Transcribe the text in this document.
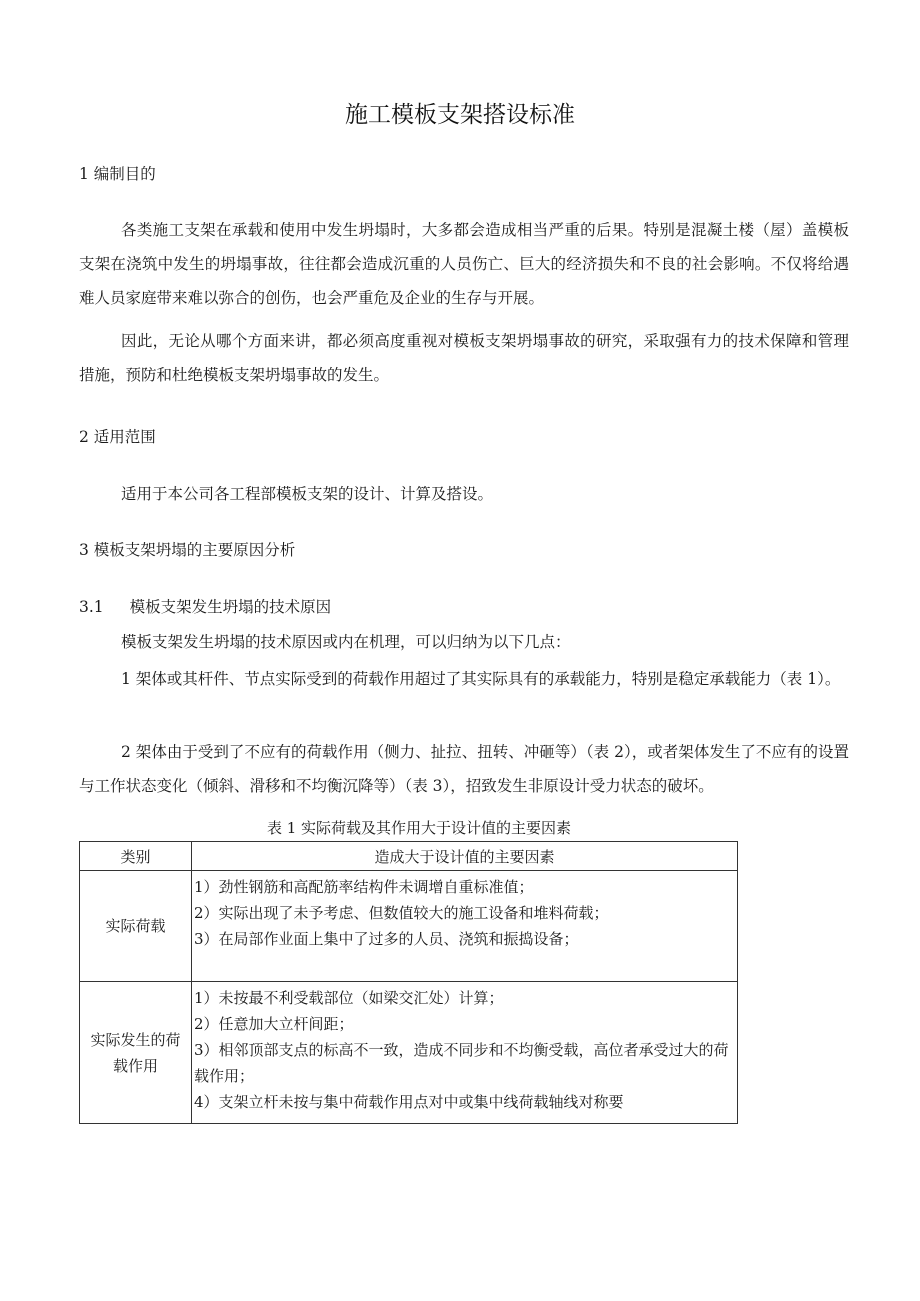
施工模板支架搭设标准
1 编制目的
各类施工支架在承载和使用中发生坍塌时，大多都会造成相当严重的后果。特别是混凝土楼（屋）盖模板支架在浇筑中发生的坍塌事故，往往都会造成沉重的人员伤亡、巨大的经济损失和不良的社会影响。不仅将给遇难人员家庭带来难以弥合的创伤，也会严重危及企业的生存与开展。
因此，无论从哪个方面来讲，都必须高度重视对模板支架坍塌事故的研究，采取强有力的技术保障和管理措施，预防和杜绝模板支架坍塌事故的发生。
2 适用范围
适用于本公司各工程部模板支架的设计、计算及搭设。
3 模板支架坍塌的主要原因分析
3.1 模板支架发生坍塌的技术原因
模板支架发生坍塌的技术原因或内在机理，可以归纳为以下几点：
1 架体或其杆件、节点实际受到的荷载作用超过了其实际具有的承载能力，特别是稳定承载能力（表 1）。
2 架体由于受到了不应有的荷载作用（侧力、扯拉、扭转、冲砸等）（表 2），或者架体发生了不应有的设置与工作状态变化（倾斜、滑移和不均衡沉降等）（表 3），招致发生非原设计受力状态的破坏。
表 1 实际荷载及其作用大于设计值的主要因素
类别	造成大于设计值的主要因素
实际荷载	1）劲性钢筋和高配筋率结构件未调增自重标准值；
2）实际出现了未予考虑、但数值较大的施工设备和堆料荷载；
3）在局部作业面上集中了过多的人员、浇筑和振捣设备；

实际发生的荷载作用	1）未按最不利受载部位（如梁交汇处）计算；
2）任意加大立杆间距；
3）相邻顶部支点的标高不一致，造成不同步和不均衡受载，高位者承受过大的荷载作用；
4）支架立杆未按与集中荷载作用点对中或集中线荷载轴线对称要
